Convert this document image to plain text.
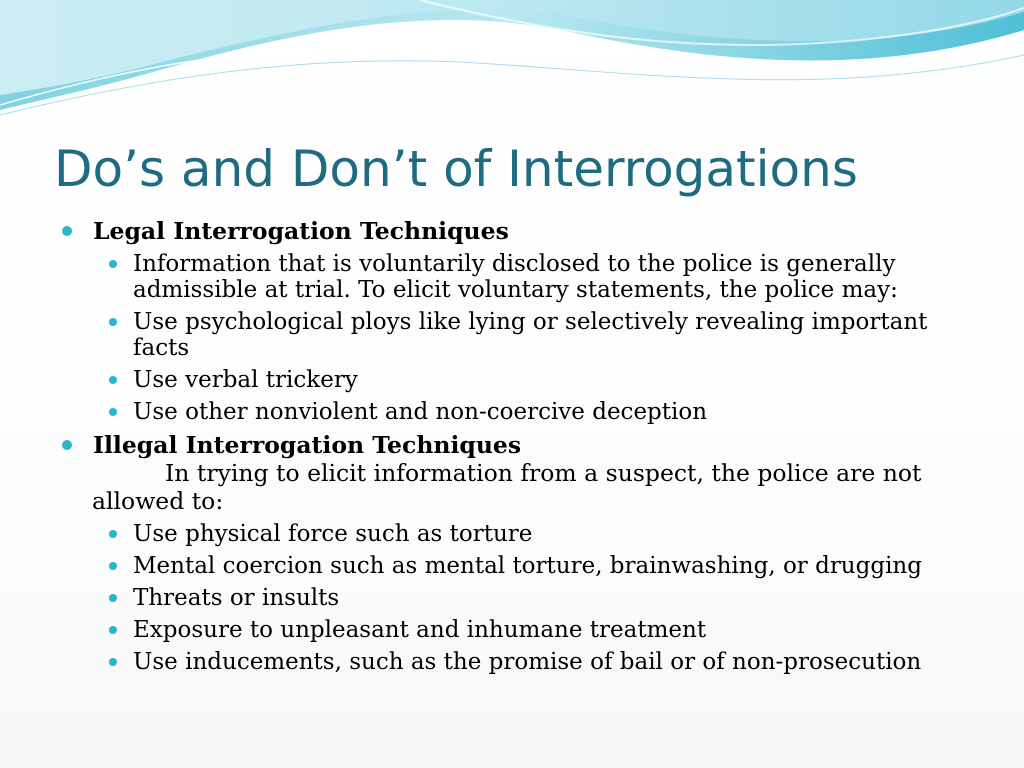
Do’s and Don’t of Interrogations
Legal Interrogation Techniques
Information that is voluntarily disclosed to the police is generally admissible at trial. To elicit voluntary statements, the police may:
Use psychological ploys like lying or selectively revealing important facts
Use verbal trickery
Use other nonviolent and non-coercive deception
Illegal Interrogation Techniques
In trying to elicit information from a suspect, the police are not allowed to:
Use physical force such as torture
Mental coercion such as mental torture, brainwashing, or drugging
Threats or insults
Exposure to unpleasant and inhumane treatment
Use inducements, such as the promise of bail or of non-prosecution
